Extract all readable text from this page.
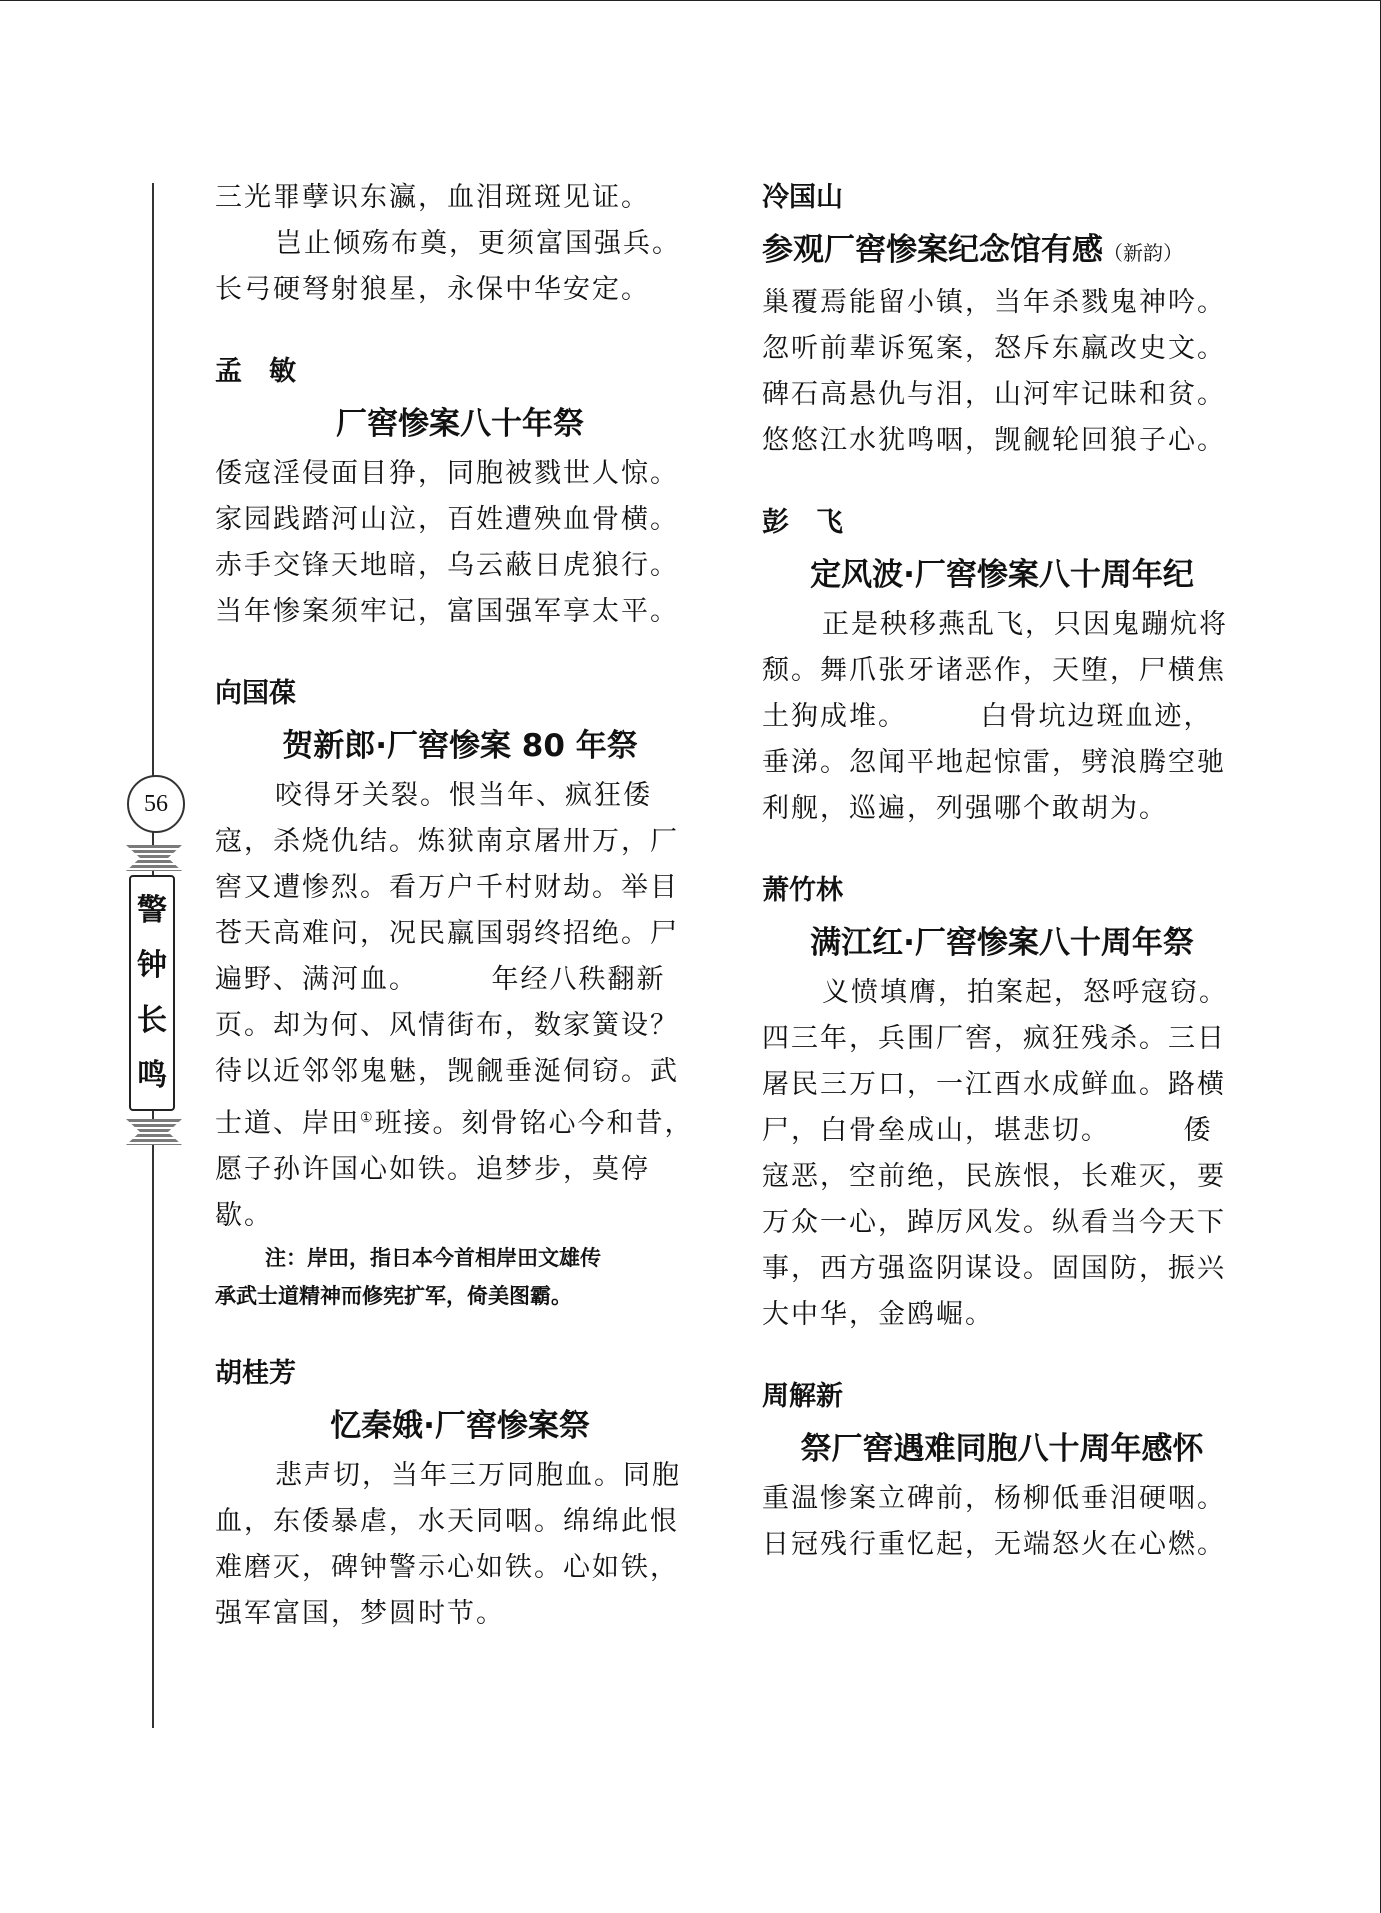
56
警
钟
长
鸣
三光罪孽识东瀛，血泪斑斑见证。
岂止倾殇布奠，更须富国强兵。
长弓硬弩射狼星，永保中华安定。
孟　敏
厂窖惨案八十年祭
倭寇淫侵面目狰，同胞被戮世人惊。
家园践踏河山泣，百姓遭殃血骨横。
赤手交锋天地暗，乌云蔽日虎狼行。
当年惨案须牢记，富国强军享太平。
向国葆
贺新郎·厂窖惨案 80 年祭
咬得牙关裂。恨当年、疯狂倭
寇，杀烧仇结。炼狱南京屠卅万，厂
窖又遭惨烈。看万户千村财劫。举目
苍天高难问，况民羸国弱终招绝。尸
遍野、满河血。　　　年经八秩翻新
页。却为何、风情街布，数家簧设？
待以近邻邻鬼魅，觊觎垂涎伺窃。武
士道、岸田①班接。刻骨铭心今和昔，
愿子孙许国心如铁。追梦步，莫停
歇。
注：岸田，指日本今首相岸田文雄传
承武士道精神而修宪扩军，倚美图霸。
胡桂芳
忆秦娥·厂窖惨案祭
悲声切，当年三万同胞血。同胞
血，东倭暴虐，水天同咽。绵绵此恨
难磨灭，碑钟警示心如铁。心如铁，
强军富国，梦圆时节。
冷国山
参观厂窖惨案纪念馆有感（新韵）
巢覆焉能留小镇，当年杀戮鬼神吟。
忽听前辈诉冤案，怒斥东羸改史文。
碑石高悬仇与泪，山河牢记昧和贫。
悠悠江水犹鸣咽，觊觎轮回狼子心。
彭　飞
定风波·厂窖惨案八十周年纪
正是秧移燕乱飞，只因鬼蹦炕将
颓。舞爪张牙诸恶作，天堕，尸横焦
土狗成堆。　　　白骨坑边斑血迹，
垂涕。忽闻平地起惊雷，劈浪腾空驰
利舰，巡遍，列强哪个敢胡为。
萧竹林
满江红·厂窖惨案八十周年祭
义愤填膺，拍案起，怒呼寇窃。
四三年，兵围厂窖，疯狂残杀。三日
屠民三万口，一江酉水成鲜血。路横
尸，白骨垒成山，堪悲切。　　　倭
寇恶，空前绝，民族恨，长难灭，要
万众一心，踔厉风发。纵看当今天下
事，西方强盗阴谋设。固国防，振兴
大中华，金鸥崛。
周解新
祭厂窖遇难同胞八十周年感怀
重温惨案立碑前，杨柳低垂泪硬咽。
日冠残行重忆起，无端怒火在心燃。
